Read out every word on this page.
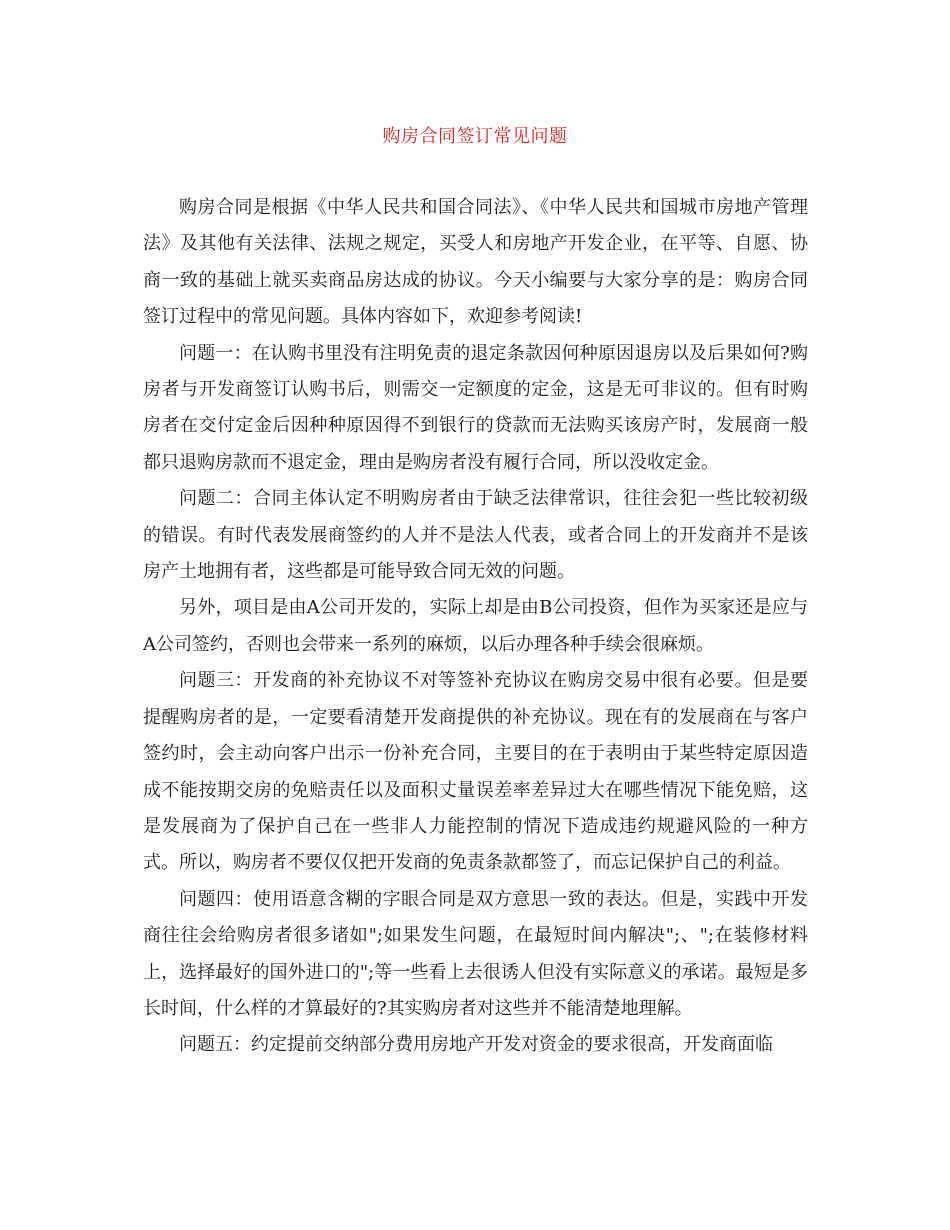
购房合同签订常见问题

购房合同是根据《中华人民共和国合同法》、《中华人民共和国城市房地产管理法》及其他有关法律、法规之规定，买受人和房地产开发企业，在平等、自愿、协商一致的基础上就买卖商品房达成的协议。今天小编要与大家分享的是：购房合同签订过程中的常见问题。具体内容如下，欢迎参考阅读!

问题一：在认购书里没有注明免责的退定条款因何种原因退房以及后果如何?购房者与开发商签订认购书后，则需交一定额度的定金，这是无可非议的。但有时购房者在交付定金后因种种原因得不到银行的贷款而无法购买该房产时，发展商一般都只退购房款而不退定金，理由是购房者没有履行合同，所以没收定金。

问题二：合同主体认定不明购房者由于缺乏法律常识，往往会犯一些比较初级的错误。有时代表发展商签约的人并不是法人代表，或者合同上的开发商并不是该房产土地拥有者，这些都是可能导致合同无效的问题。

另外，项目是由A公司开发的，实际上却是由B公司投资，但作为买家还是应与A公司签约，否则也会带来一系列的麻烦，以后办理各种手续会很麻烦。

问题三：开发商的补充协议不对等签补充协议在购房交易中很有必要。但是要提醒购房者的是，一定要看清楚开发商提供的补充协议。现在有的发展商在与客户签约时，会主动向客户出示一份补充合同，主要目的在于表明由于某些特定原因造成不能按期交房的免赔责任以及面积丈量误差率差异过大在哪些情况下能免赔，这是发展商为了保护自己在一些非人力能控制的情况下造成违约规避风险的一种方式。所以，购房者不要仅仅把开发商的免责条款都签了，而忘记保护自己的利益。

问题四：使用语意含糊的字眼合同是双方意思一致的表达。但是，实践中开发商往往会给购房者很多诸如";如果发生问题，在最短时间内解决";、";在装修材料上，选择最好的国外进口的";等一些看上去很诱人但没有实际意义的承诺。最短是多长时间，什么样的才算最好的?其实购房者对这些并不能清楚地理解。

问题五：约定提前交纳部分费用房地产开发对资金的要求很高，开发商面临
